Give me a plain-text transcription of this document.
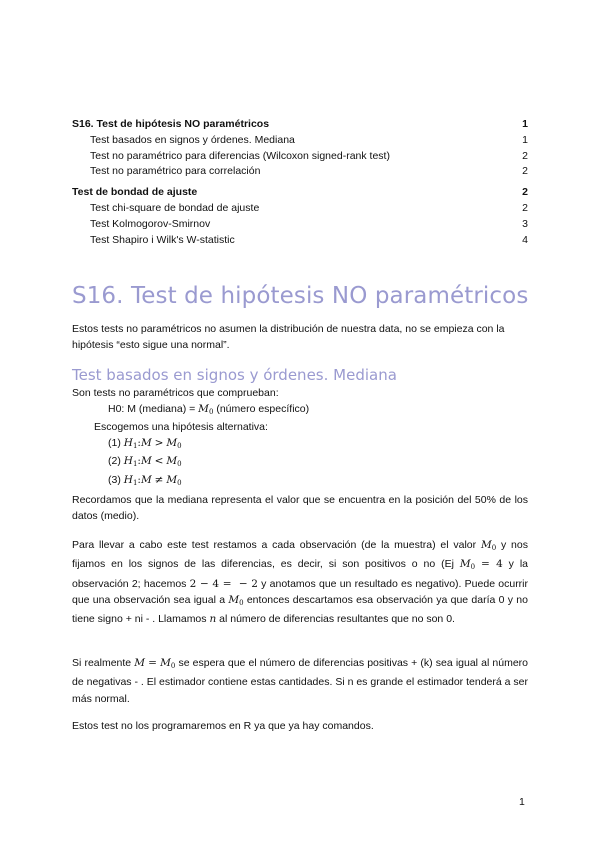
S16. Test de hipótesis NO paramétricos	1
Test basados en signos y órdenes. Mediana	1
Test no paramétrico para diferencias (Wilcoxon signed-rank test)	2
Test no paramétrico para correlación	2
Test de bondad de ajuste	2
Test chi-square de bondad de ajuste	2
Test Kolmogorov-Smirnov	3
Test Shapiro i Wilk's W-statistic	4
S16. Test de hipótesis NO paramétricos
Estos tests no paramétricos no asumen la distribución de nuestra data, no se empieza con la hipótesis “esto sigue una normal”.
Test basados en signos y órdenes. Mediana
Son tests no paramétricos que comprueban:
H0: M (mediana) = $M_0$ (número específico)
Escogemos una hipótesis alternativa:
(1) $H_1:M > M_0$
(2) $H_1:M < M_0$
(3) $H_1:M \ne M_0$
Recordamos que la mediana representa el valor que se encuentra en la posición del 50% de los datos (medio).
Para llevar a cabo este test restamos a cada observación (de la muestra) el valor $M_0$ y nos fijamos en los signos de las diferencias, es decir, si son positivos o no (Ej $M_0 = 4$ y la observación 2; hacemos 2 − 4 =  − 2 y anotamos que un resultado es negativo). Puede ocurrir que una observación sea igual a $M_0$ entonces descartamos esa observación ya que daría 0 y no tiene signo + ni - . Llamamos n al número de diferencias resultantes que no son 0.
Si realmente $M = M_0$ se espera que el número de diferencias positivas + (k) sea igual al número de negativas - . El estimador contiene estas cantidades. Si n es grande el estimador tenderá a ser más normal.
Estos test no los programaremos en R ya que ya hay comandos.
1
